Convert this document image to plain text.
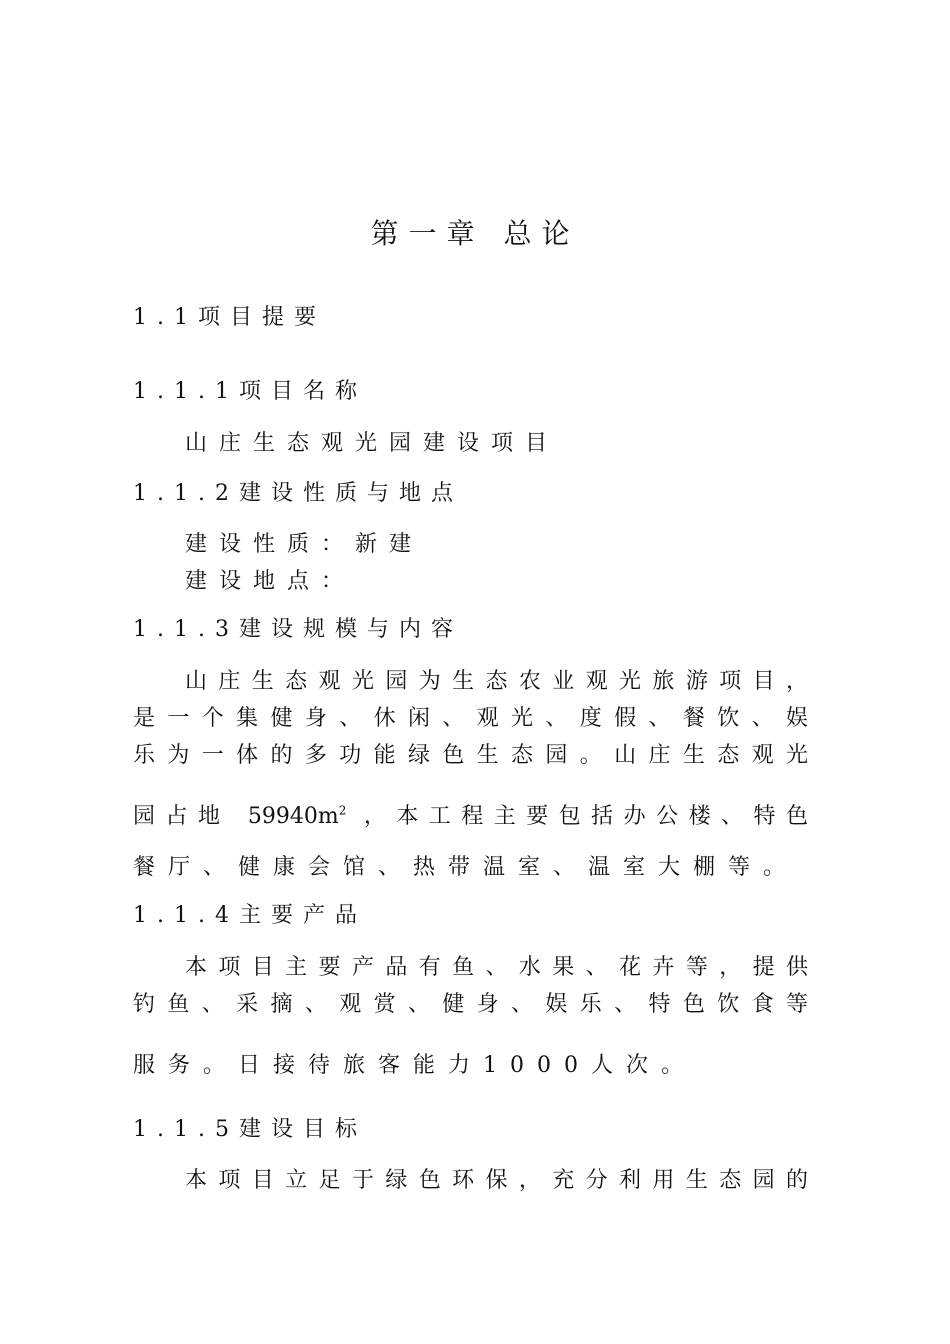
第一章 总论
1.1项目提要
1.1.1项目名称
山庄生态观光园建设项目
1.1.2建设性质与地点
建设性质：新建
建设地点：
1.1.3建设规模与内容
山庄生态观光园为生态农业观光旅游项目，
是一个集健身、休闲、观光、度假、餐饮、娱
乐为一体的多功能绿色生态园。山庄生态观光
园占地 $59940m^2$ ，本工程主要包括办公楼、特色
餐厅、健康会馆、热带温室、温室大棚等。
1.1.4主要产品
本项目主要产品有鱼、水果、花卉等，提供
钓鱼、采摘、观赏、健身、娱乐、特色饮食等
服务。日接待旅客能力1000人次。
1.1.5建设目标
本项目立足于绿色环保，充分利用生态园的
